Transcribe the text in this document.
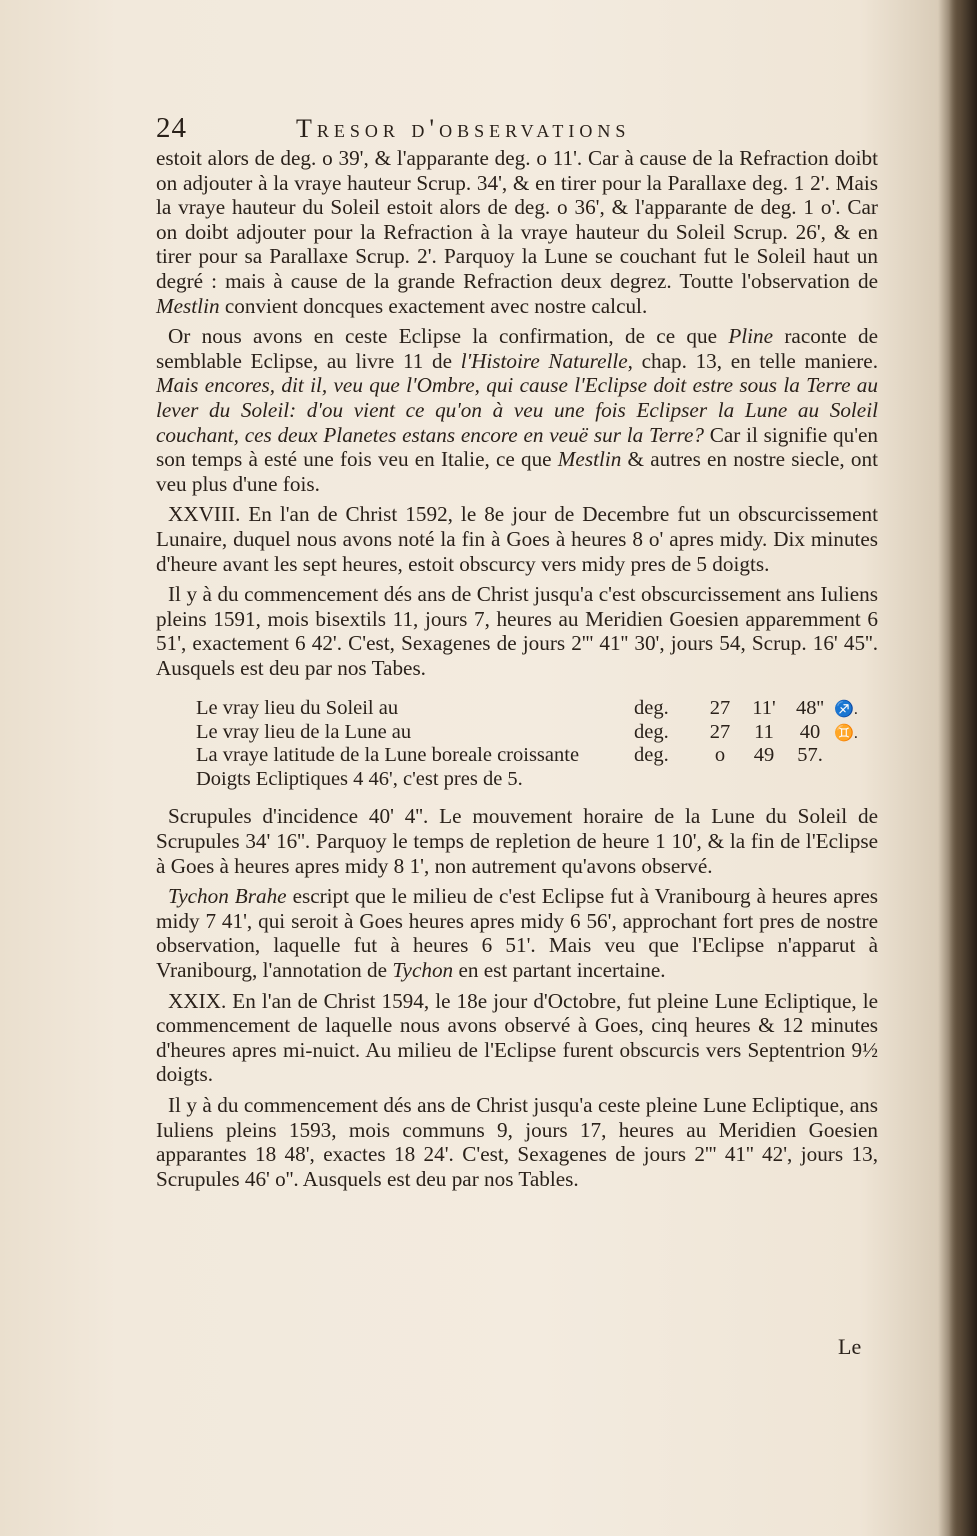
24	Tresor d'observations

estoit alors de deg. o 39', & l'apparante deg. o 11'. Car à cause de la Refraction doibt on adjouter à la vraye hauteur Scrup. 34', & en tirer pour la Parallaxe deg. 1 2'. Mais la vraye hauteur du Soleil estoit alors de deg. o 36', & l'apparante de deg. 1 o'. Car on doibt adjouter pour la Refraction à la vraye hauteur du Soleil Scrup. 26', & en tirer pour sa Parallaxe Scrup. 2'. Parquoy la Lune se couchant fut le Soleil haut un degré : mais à cause de la grande Refraction deux degrez. Toutte l'observation de Mestlin convient doncques exactement avec nostre calcul.

Or nous avons en ceste Eclipse la confirmation, de ce que Pline raconte de semblable Eclipse, au livre 11 de l'Histoire Naturelle, chap. 13, en telle maniere. Mais encores, dit il, veu que l'Ombre, qui cause l'Eclipse doit estre sous la Terre au lever du Soleil: d'ou vient ce qu'on à veu une fois Eclipser la Lune au Soleil couchant, ces deux Planetes estans encore en veuë sur la Terre? Car il signifie qu'en son temps à esté une fois veu en Italie, ce que Mestlin & autres en nostre siecle, ont veu plus d'une fois.

XXVIII. En l'an de Christ 1592, le 8e jour de Decembre fut un obscurcissement Lunaire, duquel nous avons noté la fin à Goes à heures 8 o' apres midy. Dix minutes d'heure avant les sept heures, estoit obscurcy vers midy pres de 5 doigts.

Il y à du commencement dés ans de Christ jusqu'a c'est obscurcissement ans Iuliens pleins 1591, mois bisextils 11, jours 7, heures au Meridien Goesien apparemment 6 51', exactement 6 42'. C'est, Sexagenes de jours 2''' 41'' 30', jours 54, Scrup. 16' 45''. Ausquels est deu par nos Tabes.

Le vray lieu du Soleil au	deg.	27	11' 48'' ♐.
Le vray lieu de la Lune au	deg.	27	11	40 ♊.
La vraye latitude de la Lune boreale croissante	deg.	o	49	57.
Doigts Ecliptiques 4 46', c'est pres de 5.

Scrupules d'incidence 40' 4''. Le mouvement horaire de la Lune du Soleil de Scrupules 34' 16''. Parquoy le temps de repletion de heure 1 10', & la fin de l'Eclipse à Goes à heures apres midy 8 1', non autrement qu'avons observé.

Tychon Brahe escript que le milieu de c'est Eclipse fut à Vranibourg à heures apres midy 7 41', qui seroit à Goes heures apres midy 6 56', approchant fort pres de nostre observation, laquelle fut à heures 6 51'. Mais veu que l'Eclipse n'apparut à Vranibourg, l'annotation de Tychon en est partant incertaine.

XXIX. En l'an de Christ 1594, le 18e jour d'Octobre, fut pleine Lune Ecliptique, le commencement de laquelle nous avons observé à Goes, cinq heures & 12 minutes d'heures apres mi-nuict. Au milieu de l'Eclipse furent obscurcis vers Septentrion 9½ doigts.

Il y à du commencement dés ans de Christ jusqu'a ceste pleine Lune Ecliptique, ans Iuliens pleins 1593, mois communs 9, jours 17, heures au Meridien Goesien apparantes 18 48', exactes 18 24'. C'est, Sexagenes de jours 2''' 41'' 42', jours 13, Scrupules 46' o''. Ausquels est deu par nos Tables.

Le
